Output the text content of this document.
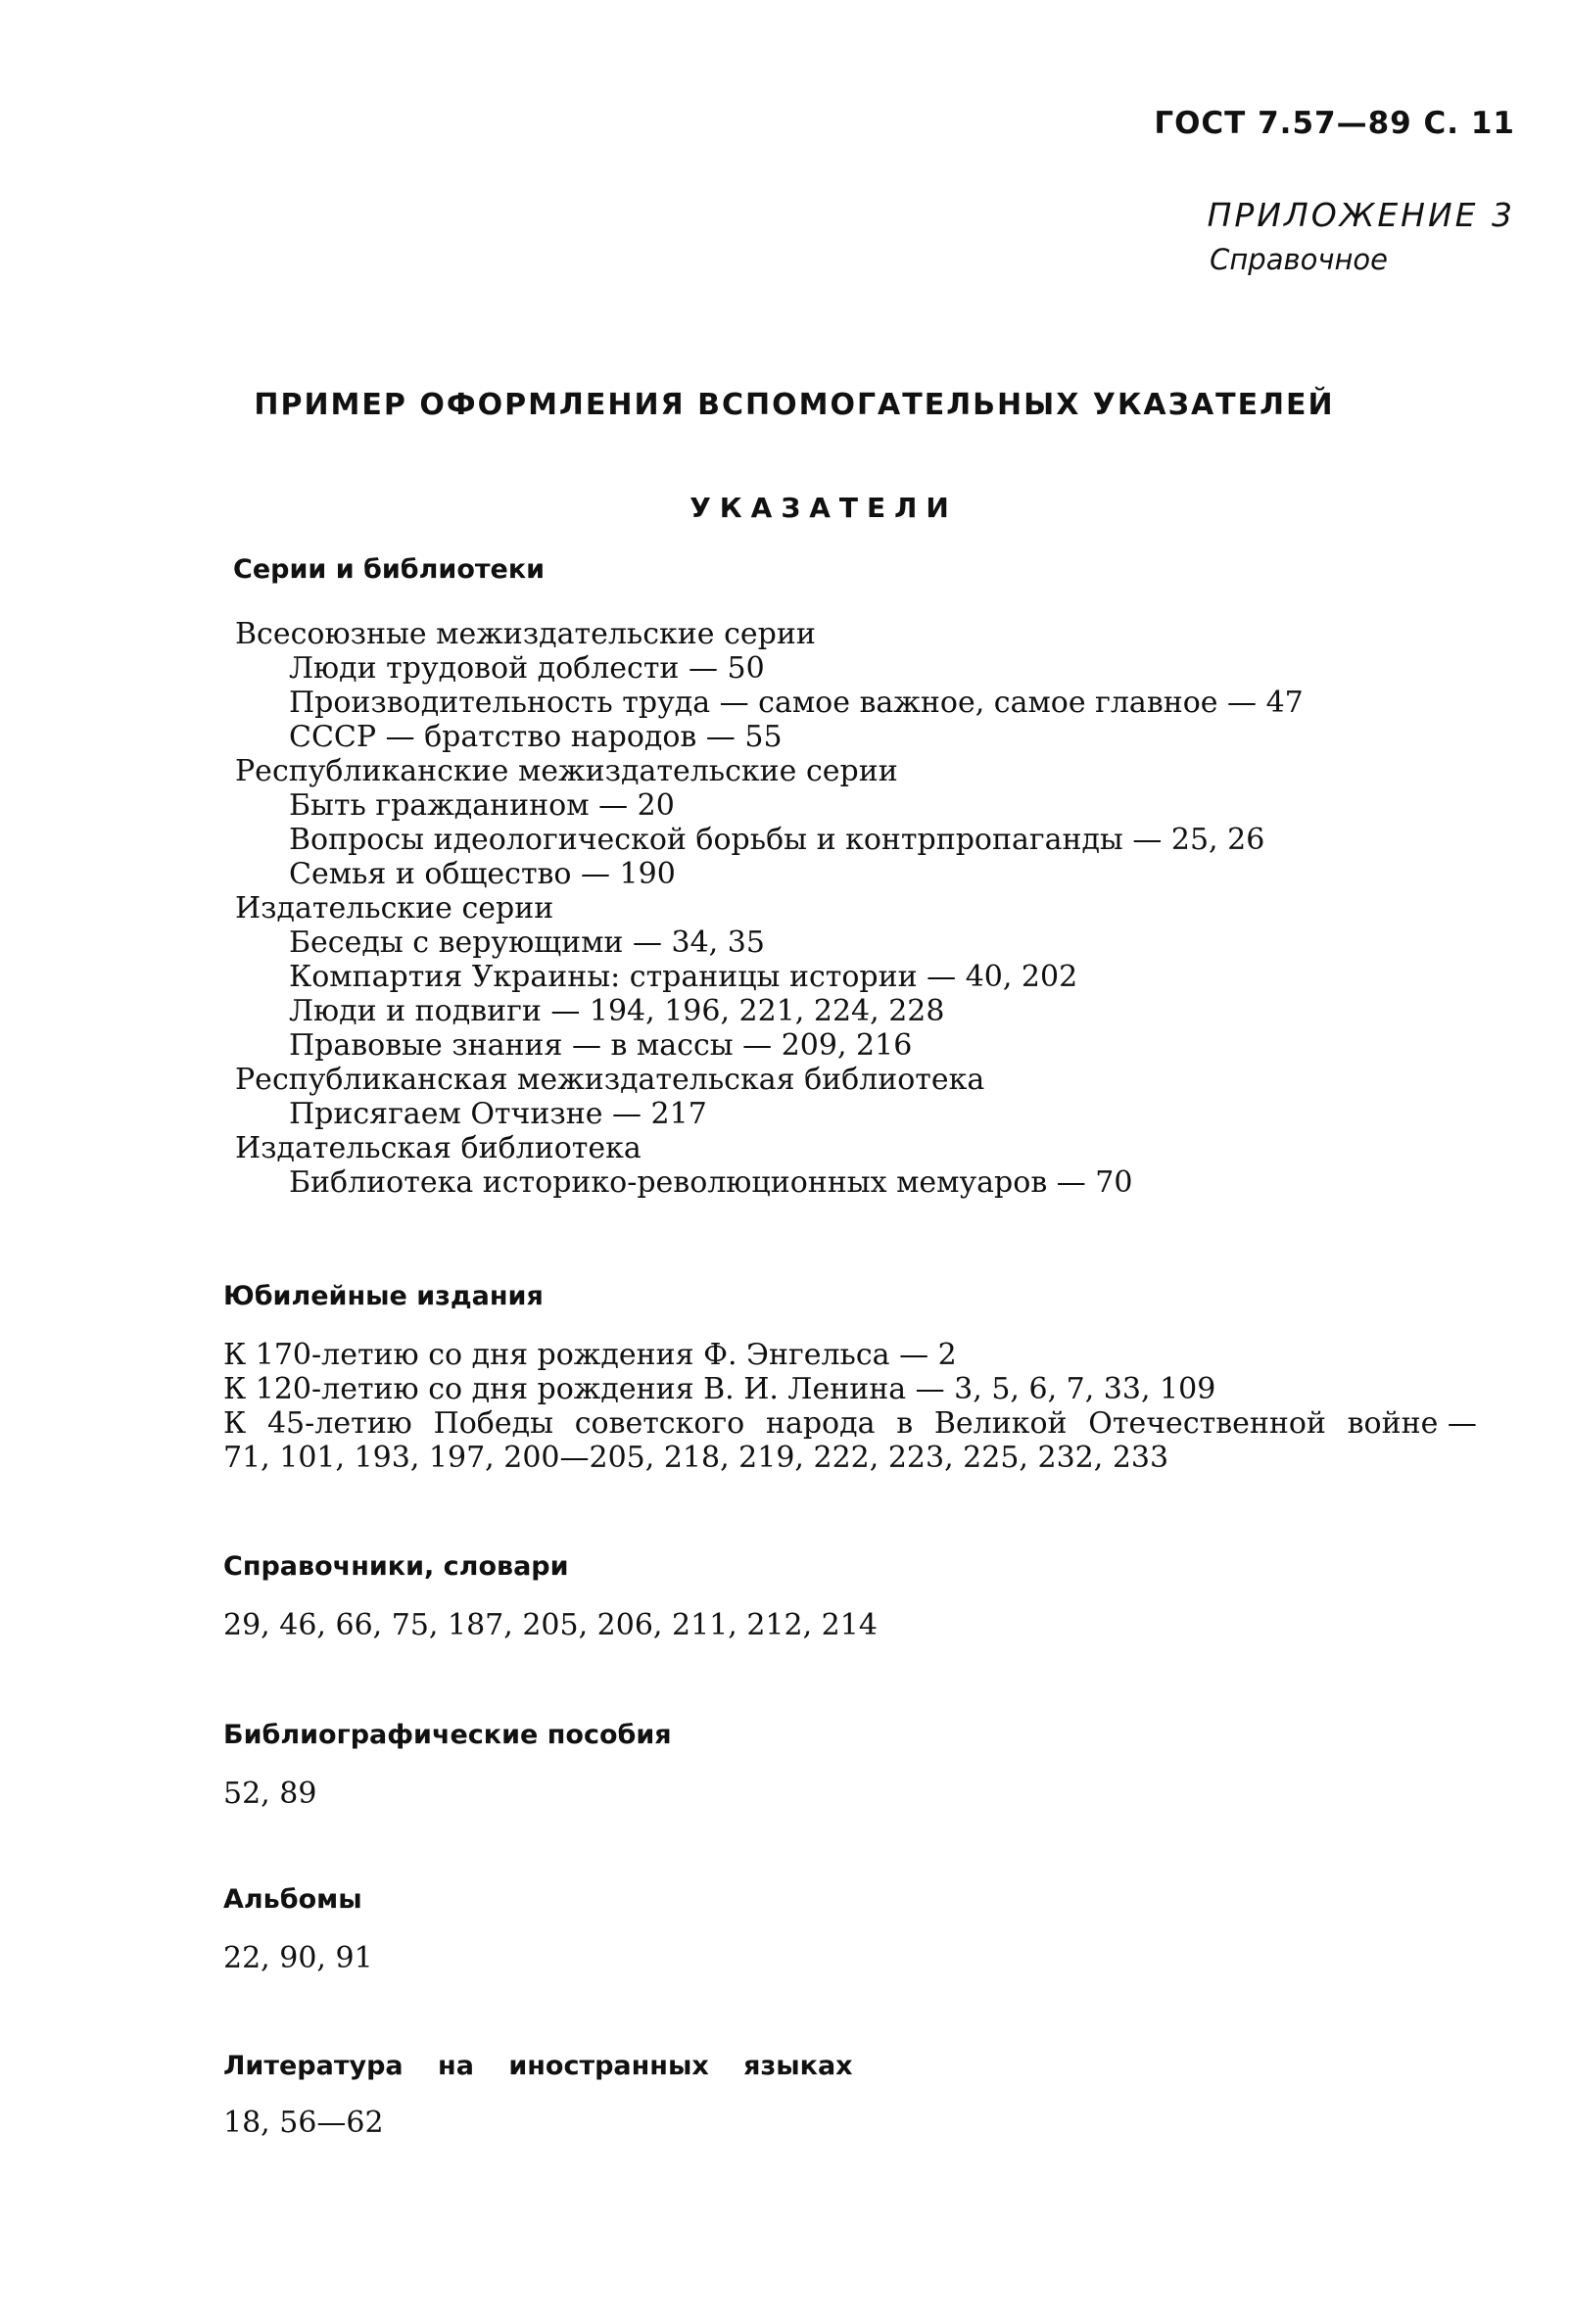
ГОСТ 7.57—89 С. 11
ПРИЛОЖЕНИЕ 3
Справочное
ПРИМЕР ОФОРМЛЕНИЯ ВСПОМОГАТЕЛЬНЫХ УКАЗАТЕЛЕЙ
УКАЗАТЕЛИ
Серии и библиотеки
Всесоюзные межиздательские серии
Люди трудовой доблести — 50
Производительность труда — самое важное, самое главное — 47
СССР — братство народов — 55
Республиканские межиздательские серии
Быть гражданином — 20
Вопросы идеологической борьбы и контрпропаганды — 25, 26
Семья и общество — 190
Издательские серии
Беседы с верующими — 34, 35
Компартия Украины: страницы истории — 40, 202
Люди и подвиги — 194, 196, 221, 224, 228
Правовые знания — в массы — 209, 216
Республиканская межиздательская библиотека
Присягаем Отчизне — 217
Издательская библиотека
Библиотека историко-революционных мемуаров — 70
Юбилейные издания
К 170-летию со дня рождения Ф. Энгельса — 2
К 120-летию со дня рождения В. И. Ленина — 3, 5, 6, 7, 33, 109
К 45-летию Победы советского народа в Великой Отечественной войне —
71, 101, 193, 197, 200—205, 218, 219, 222, 223, 225, 232, 233
Справочники, словари
29, 46, 66, 75, 187, 205, 206, 211, 212, 214
Библиографические пособия
52, 89
Альбомы
22, 90, 91
Литература на иностранных языках
18, 56—62
